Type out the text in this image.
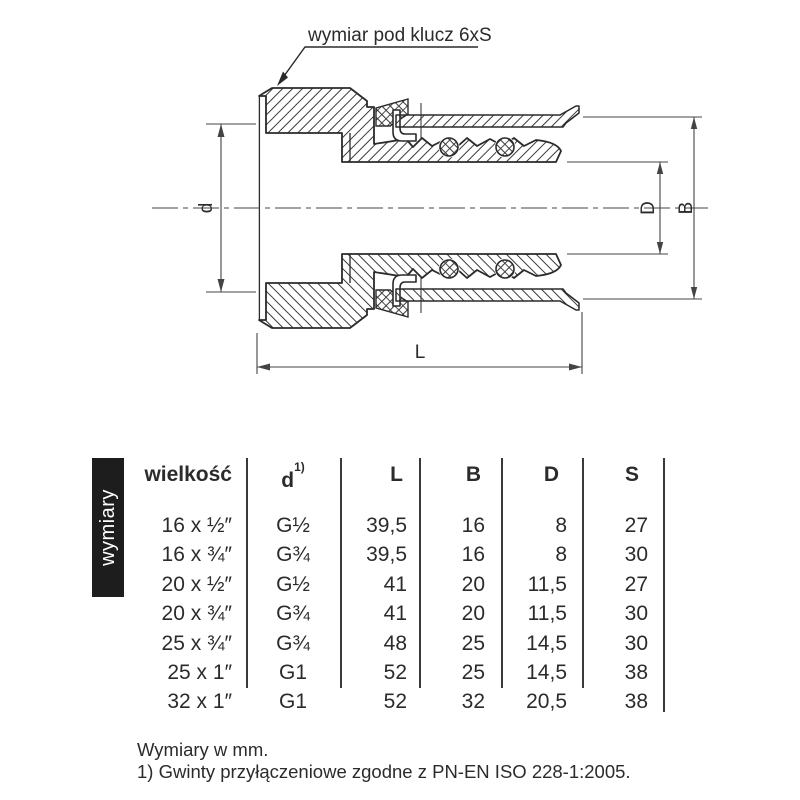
wymiar pod klucz 6xS
d	D B
L
wymiary
wielkość	$d^{1)}$	L	B	D	S
16 x ½″	G½	39,5	16	8	27
16 x ¾″	G¾	39,5	16	8	30
20 x ½″	G½	41	20	11,5	27
20 x ¾″	G¾	41	20	11,5	30
25 x ¾″	G¾	48	25	14,5	30
25 x 1″	G1	52	25	14,5	38
32 x 1″	G1	52	32	20,5	38
Wymiary w mm.
1) Gwinty przyłączeniowe zgodne z PN-EN ISO 228-1:2005.
